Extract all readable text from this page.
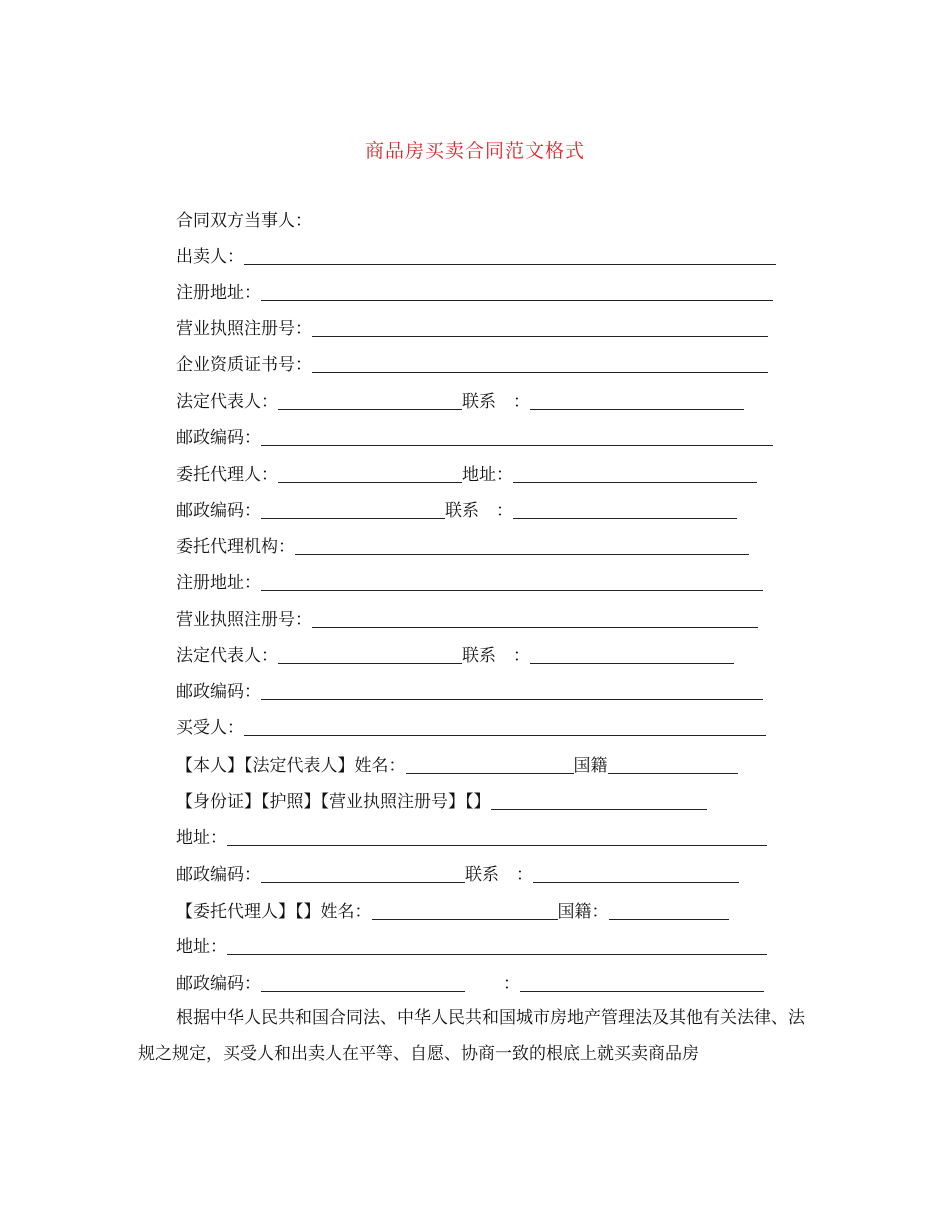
商品房买卖合同范文格式
合同双方当事人：
出卖人：
注册地址：
营业执照注册号：
企业资质证书号：
法定代表人：	联系　：
邮政编码：
委托代理人：	地址：
邮政编码：	联系　：
委托代理机构：
注册地址：
营业执照注册号：
法定代表人：	联系　：
邮政编码：
买受人：
【本人】【法定代表人】姓名：	国籍
【身份证】【护照】【营业执照注册号】【】
地址：
邮政编码：	联系　：
【委托代理人】【】姓名：	国籍：
地址：
邮政编码：	：
根据中华人民共和国合同法、中华人民共和国城市房地产管理法及其他有关法律、法规之规定，买受人和出卖人在平等、自愿、协商一致的根底上就买卖商品房
